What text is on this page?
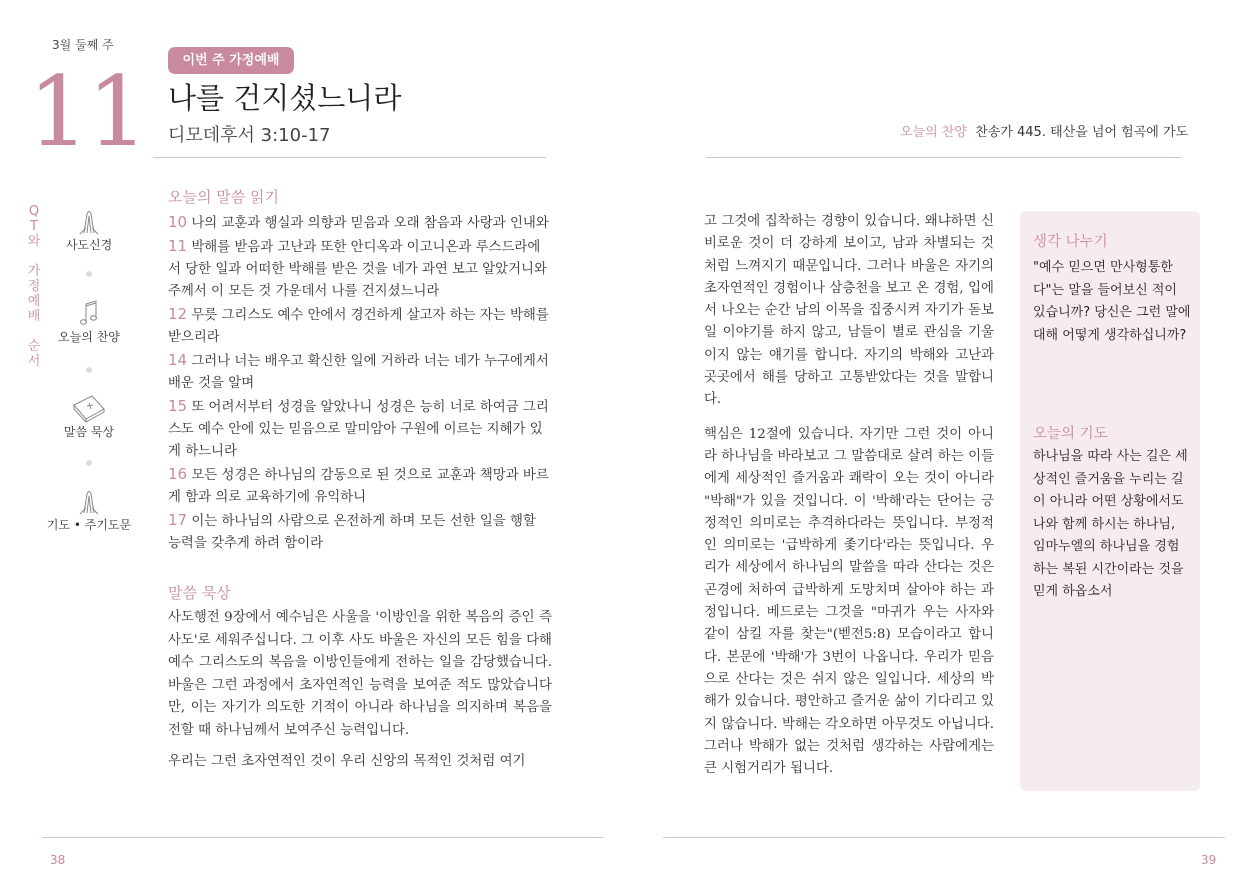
3월 둘째 주
11	이번 주 가정예배
나를 건지셨느니라
디모데후서 3:10-17
Q
T
와
가
정
예
배
순
서
사도신경
오늘의 찬양
말씀 묵상
기도 • 주기도문
오늘의 말씀 읽기

10 나의 교훈과 행실과 의향과 믿음과 오래 참음과 사랑과 인내와

11 박해를 받음과 고난과 또한 안디옥과 이고니온과 루스드라에서 당한 일과 어떠한 박해를 받은 것을 네가 과연 보고 알았거니와 주께서 이 모든 것 가운데서 나를 건지셨느니라

12 무릇 그리스도 예수 안에서 경건하게 살고자 하는 자는 박해를 받으리라

14 그러나 너는 배우고 확신한 일에 거하라 너는 네가 누구에게서 배운 것을 알며

15 또 어려서부터 성경을 알았나니 성경은 능히 너로 하여금 그리스도 예수 안에 있는 믿음으로 말미암아 구원에 이르는 지혜가 있게 하느니라

16 모든 성경은 하나님의 감동으로 된 것으로 교훈과 책망과 바르게 함과 의로 교육하기에 유익하니

17 이는 하나님의 사람으로 온전하게 하며 모든 선한 일을 행할 능력을 갖추게 하려 함이라

말씀 묵상

사도행전 9장에서 예수님은 사울을 '이방인을 위한 복음의 증인 즉 사도'로 세워주십니다. 그 이후 사도 바울은 자신의 모든 힘을 다해 예수 그리스도의 복음을 이방인들에게 전하는 일을 감당했습니다. 바울은 그런 과정에서 초자연적인 능력을 보여준 적도 많았습니다만, 이는 자기가 의도한 기적이 아니라 하나님을 의지하며 복음을 전할 때 하나님께서 보여주신 능력입니다.

우리는 그런 초자연적인 것이 우리 신앙의 목적인 것처럼 여기

38
오늘의 찬양 찬송가 445. 태산을 넘어 험곡에 가도

고 그것에 집착하는 경향이 있습니다. 왜냐하면 신비로운 것이 더 강하게 보이고, 남과 차별되는 것처럼 느껴지기 때문입니다. 그러나 바울은 자기의 초자연적인 경험이나 삼층천을 보고 온 경험, 입에서 나오는 순간 남의 이목을 집중시켜 자기가 돋보일 이야기를 하지 않고, 남들이 별로 관심을 기울이지 않는 얘기를 합니다. 자기의 박해와 고난과 곳곳에서 해를 당하고 고통받았다는 것을 말합니다.

핵심은 12절에 있습니다. 자기만 그런 것이 아니라 하나님을 바라보고 그 말씀대로 살려 하는 이들에게 세상적인 즐거움과 쾌락이 오는 것이 아니라 "박해"가 있을 것입니다. 이 '박해'라는 단어는 긍정적인 의미로는 추격하다라는 뜻입니다. 부정적인 의미로는 '급박하게 좇기다'라는 뜻입니다. 우리가 세상에서 하나님의 말씀을 따라 산다는 것은 곤경에 처하여 급박하게 도망치며 살아야 하는 과정입니다. 베드로는 그것을 "마귀가 우는 사자와 같이 삼킬 자를 찾는"(벧전5:8) 모습이라고 합니다. 본문에 '박해'가 3번이 나옵니다. 우리가 믿음으로 산다는 것은 쉬지 않은 일입니다. 세상의 박해가 있습니다. 평안하고 즐거운 삶이 기다리고 있지 않습니다. 박해는 각오하면 아무것도 아닙니다. 그러나 박해가 없는 것처럼 생각하는 사람에게는 큰 시험거리가 됩니다.

생각 나누기
"예수 믿으면 만사형통한다"는 말을 들어보신 적이 있습니까? 당신은 그런 말에 대해 어떻게 생각하십니까?
오늘의 기도
하나님을 따라 사는 길은 세상적인 즐거움을 누리는 길이 아니라 어떤 상황에서도 나와 함께 하시는 하나님, 임마누엘의 하나님을 경험하는 복된 시간이라는 것을 믿게 하옵소서
39
